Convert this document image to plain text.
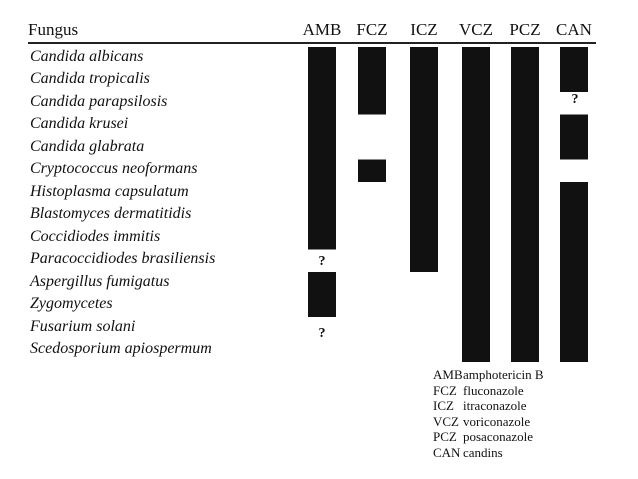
Fungus	AMB FCZ ICZ VCZ PCZ CAN
Candida albicans
Candida tropicalis
Candida parapsilosis
Candida krusei
Candida glabrata
Cryptococcus neoformans
Histoplasma capsulatum
Blastomyces dermatitidis
Coccidiodes immitis
Paracoccidiodes brasiliensis
Aspergillus fumigatus
Zygomycetes
Fusarium solani
Scedosporium apiospermum
?
?
?
AMBamphotericin B
FCZ fluconazole
ICZ itraconazole
VCZ voriconazole
PCZ posaconazole
CAN candins
